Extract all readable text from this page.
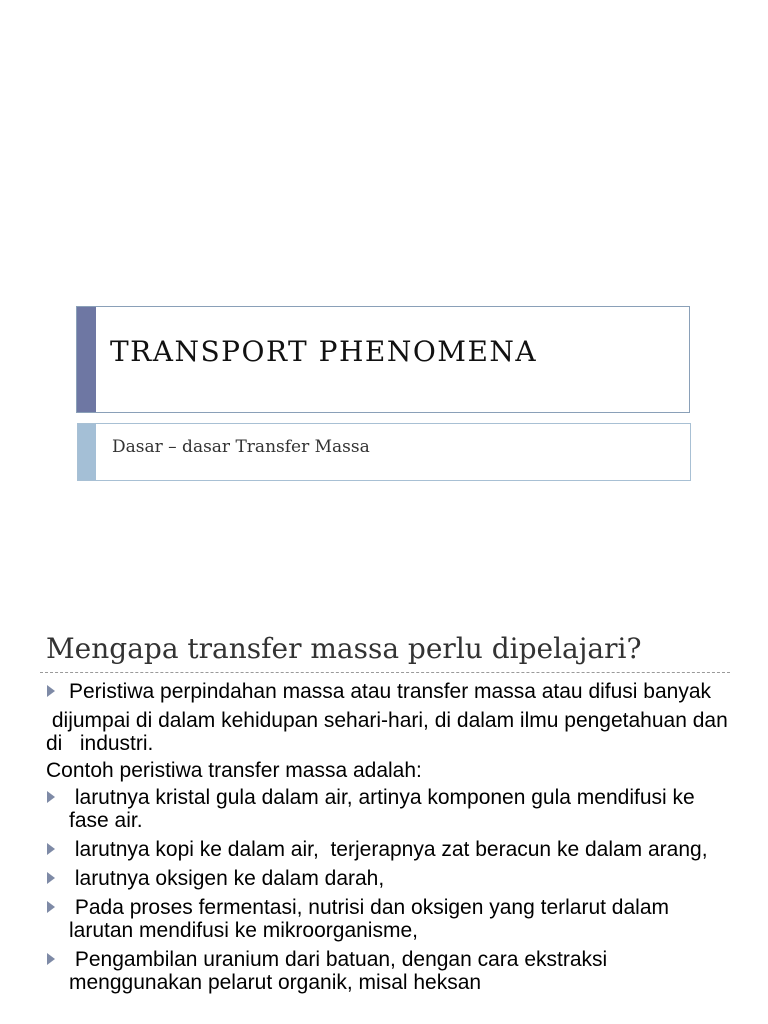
TRANSPORT PHENOMENA
Dasar – dasar Transfer Massa
Mengapa transfer massa perlu dipelajari?
Peristiwa perpindahan massa atau transfer massa atau difusi banyak
dijumpai di dalam kehidupan sehari-hari, di dalam ilmu pengetahuan dan di   industri.
Contoh peristiwa transfer massa adalah:
larutnya kristal gula dalam air, artinya komponen gula mendifusi ke fase air.
larutnya kopi ke dalam air,  terjerapnya zat beracun ke dalam arang,
larutnya oksigen ke dalam darah,
Pada proses fermentasi, nutrisi dan oksigen yang terlarut dalam larutan mendifusi ke mikroorganisme,
Pengambilan uranium dari batuan, dengan cara ekstraksi menggunakan pelarut organik, misal heksan
